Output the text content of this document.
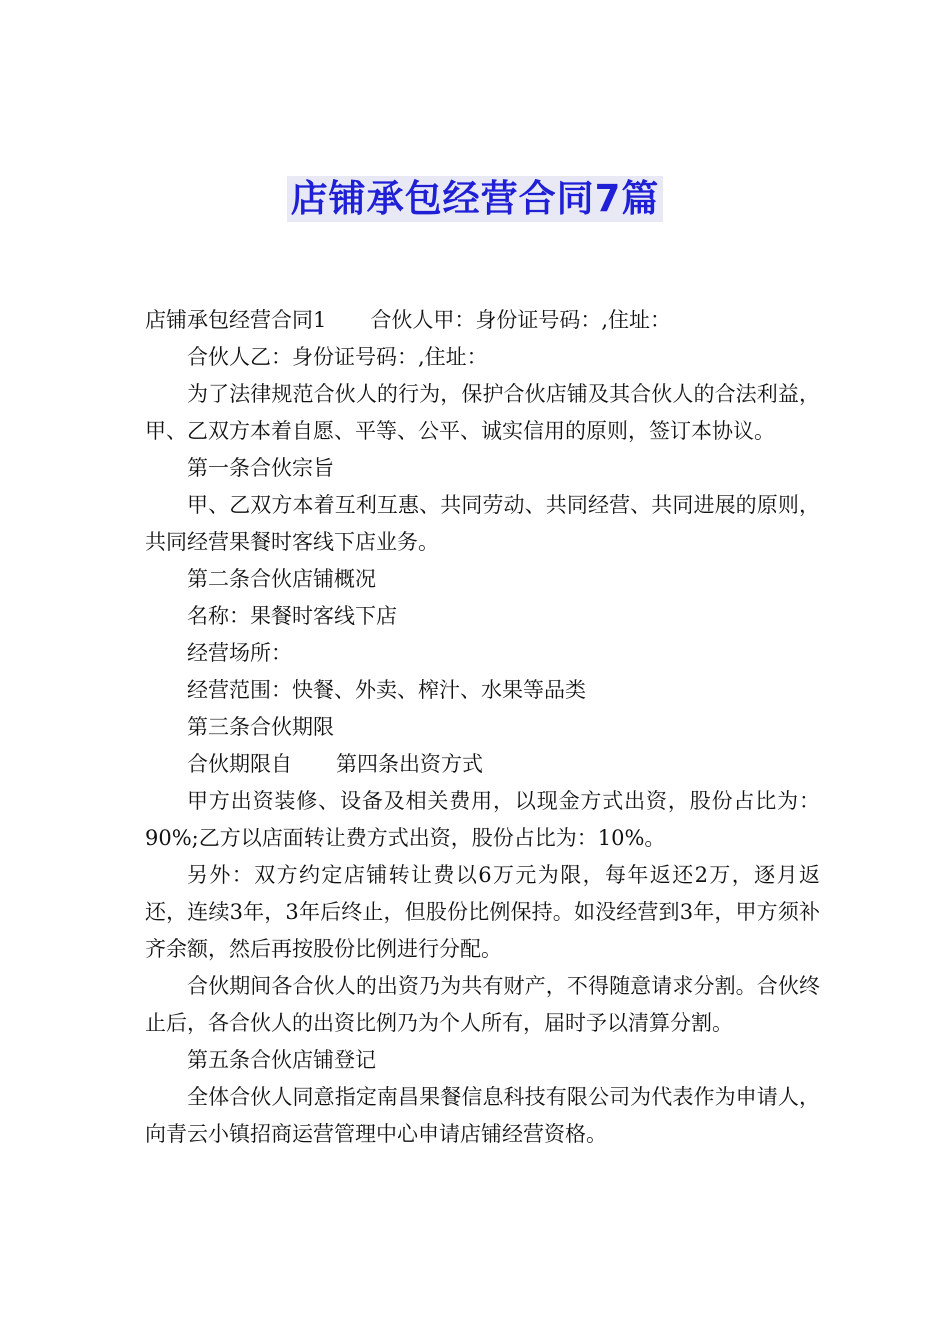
店铺承包经营合同7篇

店铺承包经营合同1 合伙人甲：身份证号码：,住址：

合伙人乙：身份证号码：,住址：

为了法律规范合伙人的行为，保护合伙店铺及其合伙人的合法利益，甲、乙双方本着自愿、平等、公平、诚实信用的原则，签订本协议。

第一条合伙宗旨

甲、乙双方本着互利互惠、共同劳动、共同经营、共同进展的原则，共同经营果餐时客线下店业务。

第二条合伙店铺概况

名称：果餐时客线下店

经营场所：

经营范围：快餐、外卖、榨汁、水果等品类

第三条合伙期限

合伙期限自 第四条出资方式

甲方出资装修、设备及相关费用，以现金方式出资，股份占比为：90%;乙方以店面转让费方式出资，股份占比为：10%。

另外：双方约定店铺转让费以6万元为限，每年返还2万，逐月返还，连续3年，3年后终止，但股份比例保持。如没经营到3年，甲方须补齐余额，然后再按股份比例进行分配。

合伙期间各合伙人的出资乃为共有财产，不得随意请求分割。合伙终止后，各合伙人的出资比例乃为个人所有，届时予以清算分割。

第五条合伙店铺登记

全体合伙人同意指定南昌果餐信息科技有限公司为代表作为申请人，向青云小镇招商运营管理中心申请店铺经营资格。
